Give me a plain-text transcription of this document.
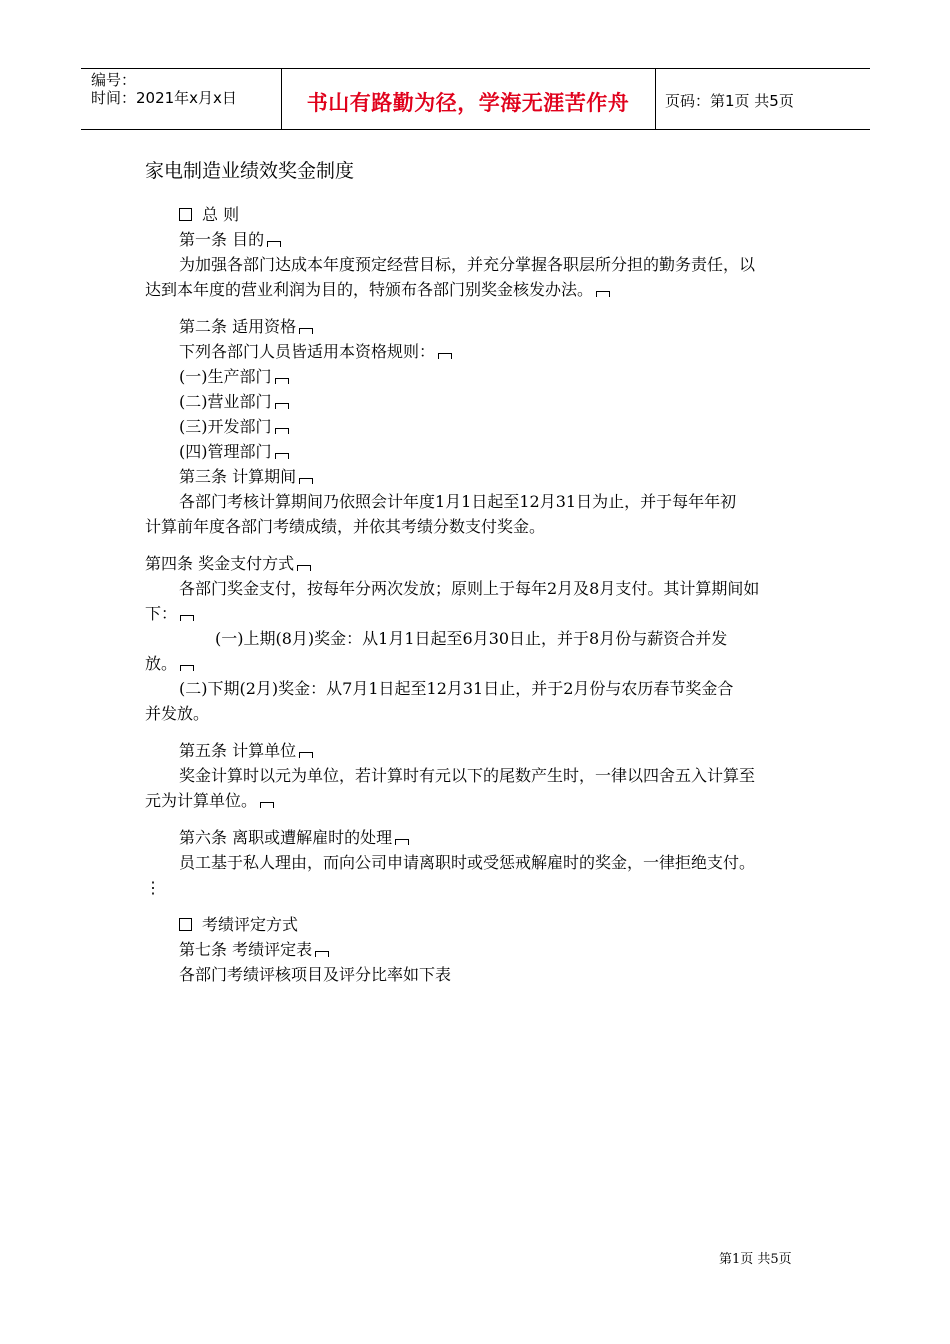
编号：
时间：2021年x月x日	书山有路勤为径，学海无涯苦作舟	页码：第1页 共5页
家电制造业绩效奖金制度
总 则
第一条 目的
为加强各部门达成本年度预定经营目标，并充分掌握各职层所分担的勤务责任，以
达到本年度的营业利润为目的，特颁布各部门别奖金核发办法。
第二条 适用资格
下列各部门人员皆适用本资格规则：
(一)生产部门
(二)营业部门
(三)开发部门
(四)管理部门
第三条 计算期间
各部门考核计算期间乃依照会计年度1月1日起至12月31日为止，并于每年年初
计算前年度各部门考绩成绩，并依其考绩分数支付奖金。
第四条 奖金支付方式
各部门奖金支付，按每年分两次发放；原则上于每年2月及8月支付。其计算期间如
下：
(一)上期(8月)奖金：从1月1日起至6月30日止，并于8月份与薪资合并发
放。
(二)下期(2月)奖金：从7月1日起至12月31日止，并于2月份与农历春节奖金合
并发放。
第五条 计算单位
奖金计算时以元为单位，若计算时有元以下的尾数产生时，一律以四舍五入计算至
元为计算单位。
第六条 离职或遭解雇时的处理
员工基于私人理由，而向公司申请离职时或受惩戒解雇时的奖金，一律拒绝支付。
⋮
考绩评定方式
第七条 考绩评定表
各部门考绩评核项目及评分比率如下表
第1页 共5页
